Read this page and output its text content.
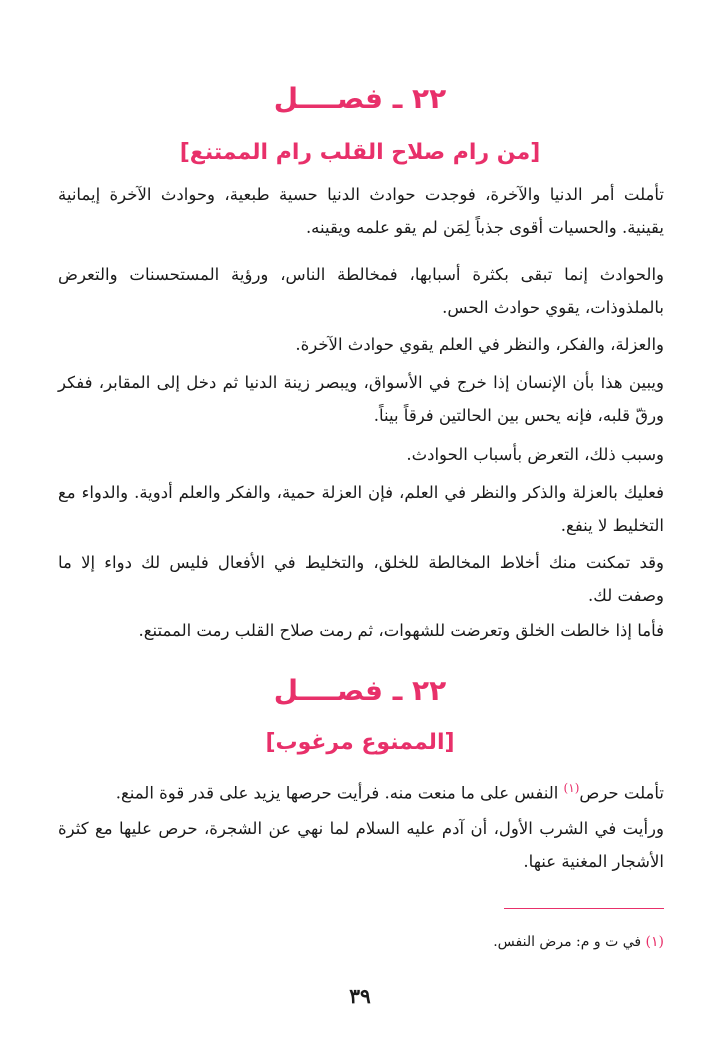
٢٢ ـ فصــــل
[من رام صلاح القلب رام الممتنع]

تأملت أمر الدنيا والآخرة، فوجدت حوادث الدنيا حسية طبعية، وحوادث الآخرة إيمانية يقينية. والحسيات أقوى جذباً لِمَن لم يقو علمه ويقينه.

والحوادث إنما تبقى بكثرة أسبابها، فمخالطة الناس، ورؤية المستحسنات والتعرض بالملذوذات، يقوي حوادث الحس.

والعزلة، والفكر، والنظر في العلم يقوي حوادث الآخرة.

ويبين هذا بأن الإنسان إذا خرج في الأسواق، ويبصر زينة الدنيا ثم دخل إلى المقابر، ففكر ورقّ قلبه، فإنه يحس بين الحالتين فرقاً بيناً.

وسبب ذلك، التعرض بأسباب الحوادث.

فعليك بالعزلة والذكر والنظر في العلم، فإن العزلة حمية، والفكر والعلم أدوية. والدواء مع التخليط لا ينفع.

وقد تمكنت منك أخلاط المخالطة للخلق، والتخليط في الأفعال فليس لك دواء إلا ما وصفت لك.

فأما إذا خالطت الخلق وتعرضت للشهوات، ثم رمت صلاح القلب رمت الممتنع.

٢٢ ـ فصــــل
[الممنوع مرغوب]

تأملت حرص$^{(١)}$ النفس على ما منعت منه. فرأيت حرصها يزيد على قدر قوة المنع.

ورأيت في الشرب الأول، أن آدم عليه السلام لما نهي عن الشجرة، حرص عليها مع كثرة الأشجار المغنية عنها.

(١) في ت و م: مرض النفس.
٣٩
